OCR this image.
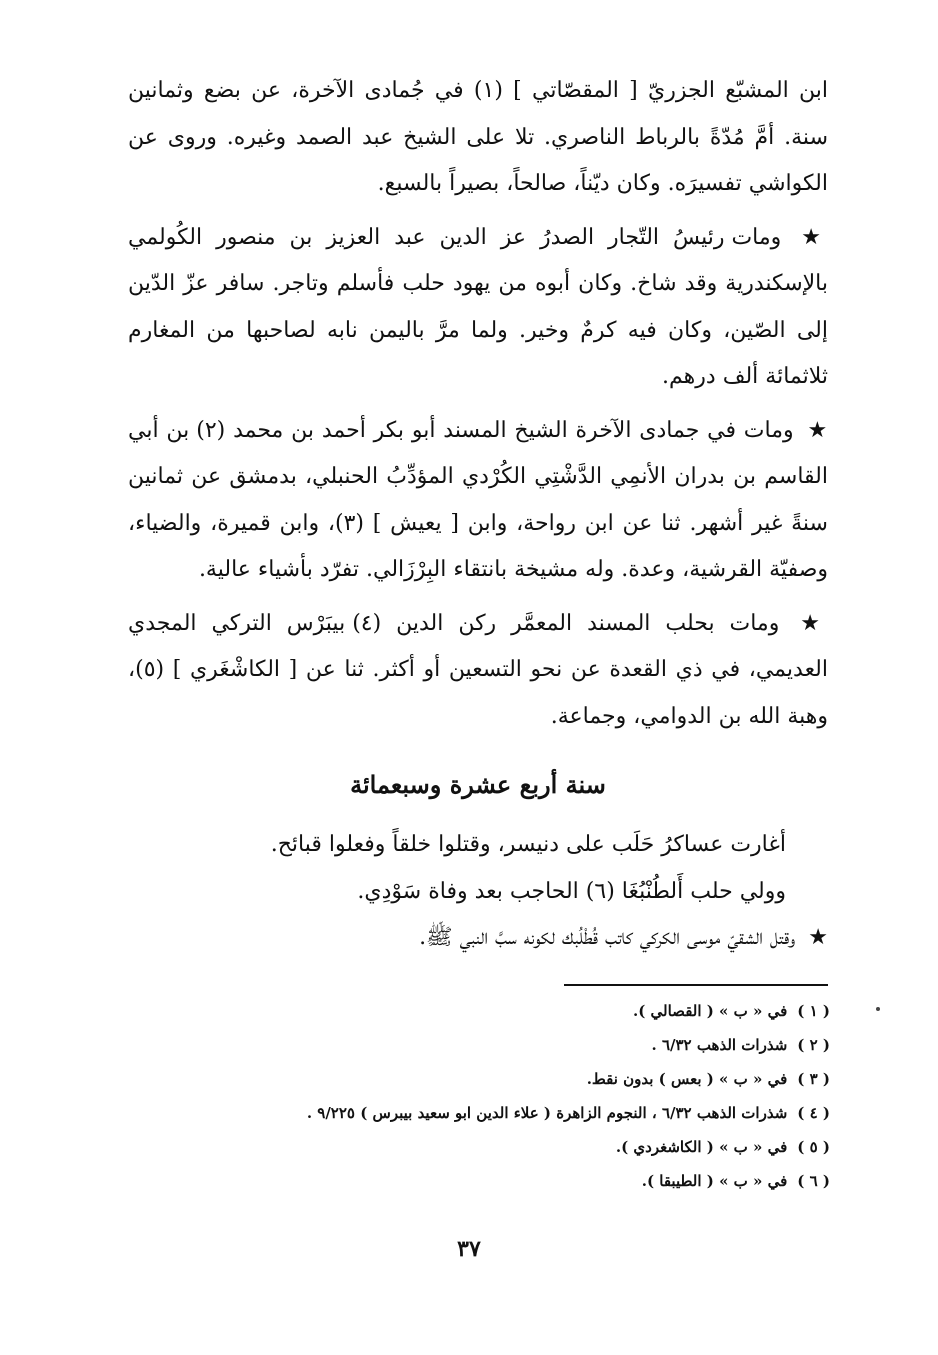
ابن المشبّع الجزريّ [ المقصّاتي ] (١) في جُمادى الآخرة، عن بضع وثمانين سنة. أمَّ مُدّةً بالرباط الناصري. تلا على الشيخ عبد الصمد وغيره. وروى عن الكواشي تفسيرَه. وكان ديّناً، صالحاً، بصيراً بالسبع.

★ ومات رئيسُ التّجار الصدرُ عز الدين عبد العزيز بن منصور الكُولمي بالإسكندرية وقد شاخ. وكان أبوه من يهود حلب فأسلم وتاجر. سافر عزّ الدّين إلى الصّين، وكان فيه كرمٌ وخير. ولما مرَّ باليمن نابه لصاحبها من المغارم ثلاثمائة ألف درهم.

★ ومات في جمادى الآخرة الشيخ المسند أبو بكر أحمد بن محمد (٢) بن أبي القاسم بن بدران الأنمِي الدَّشْتِي الكُرْدي المؤدِّبُ الحنبلي، بدمشق عن ثمانين سنةً غير أشهر. ثنا عن ابن رواحة، وابن [ يعيش ] (٣)، وابن قميرة، والضياء، وصفيّة القرشية، وعدة. وله مشيخة بانتقاء البِرْزَالي. تفرّد بأشياء عالية.

★ ومات بحلب المسند المعمَّر ركن الدين (٤) بيبَرْس التركي المجدي العديمي، في ذي القعدة عن نحو التسعين أو أكثر. ثنا عن [ الكاشْغَري ] (٥)، وهبة الله بن الدوامي، وجماعة.

سنة أربع عشرة وسبعمائة

أغارت عساكرُ حَلَب على دنيسر، وقتلوا خلقاً وفعلوا قبائح.

وولي حلب أَلطُنْبُغَا (٦) الحاجب بعد وفاة سَوْدِي.

★ وقتل الشقيّ موسى الكركي كاتب قُطْلُبك لكونه سبَّ النبي ﷺ.

( ١ )في « ب » ( القصالي ).
( ٢ )شذرات الذهب ٦/٣٢ .
( ٣ )في « ب » ( بعس ) بدون نقط.
( ٤ )شذرات الذهب ٦/٣٢ ، النجوم الزاهرة ( علاء الدين ابو سعيد بيبرس ) ٩/٢٢٥ .
( ٥ )في « ب » ( الكاشغردي ).
( ٦ )في « ب » ( الطيبقا ).
٣٧
